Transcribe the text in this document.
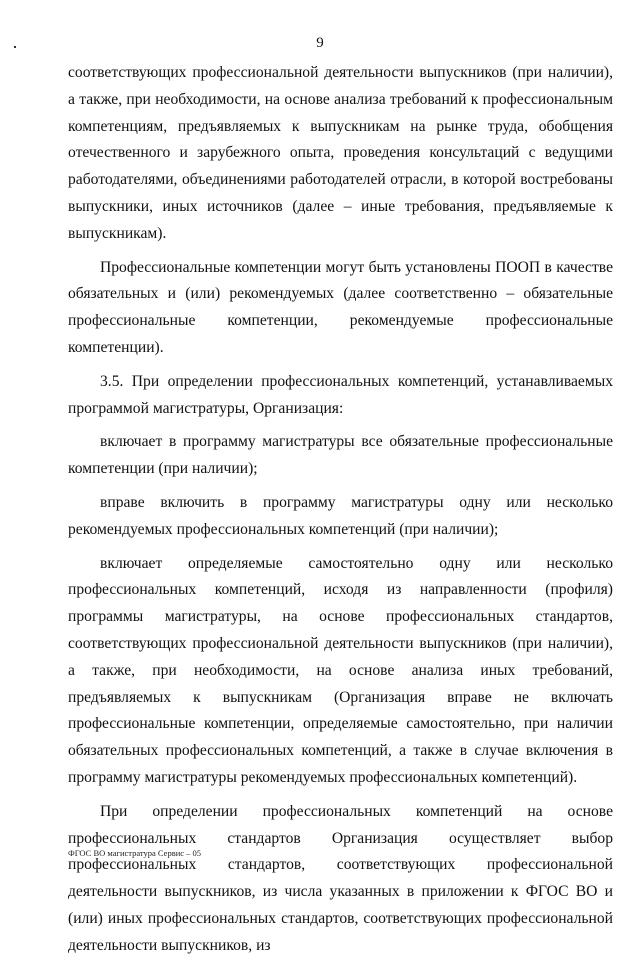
9

соответствующих профессиональной деятельности выпускников (при наличии), а также, при необходимости, на основе анализа требований к профессиональным компетенциям, предъявляемых к выпускникам на рынке труда, обобщения отечественного и зарубежного опыта, проведения консультаций с ведущими работодателями, объединениями работодателей отрасли, в которой востребованы выпускники, иных источников (далее – иные требования, предъявляемые к выпускникам).

Профессиональные компетенции могут быть установлены ПООП в качестве обязательных и (или) рекомендуемых (далее соответственно – обязательные профессиональные компетенции, рекомендуемые профессиональные компетенции).

3.5. При определении профессиональных компетенций, устанавливаемых программой магистратуры, Организация:

включает в программу магистратуры все обязательные профессиональные компетенции (при наличии);

вправе включить в программу магистратуры одну или несколько рекомендуемых профессиональных компетенций (при наличии);

включает определяемые самостоятельно одну или несколько профессиональных компетенций, исходя из направленности (профиля) программы магистратуры, на основе профессиональных стандартов, соответствующих профессиональной деятельности выпускников (при наличии), а также, при необходимости, на основе анализа иных требований, предъявляемых к выпускникам (Организация вправе не включать профессиональные компетенции, определяемые самостоятельно, при наличии обязательных профессиональных компетенций, а также в случае включения в программу магистратуры рекомендуемых профессиональных компетенций).

При определении профессиональных компетенций на основе профессиональных стандартов Организация осуществляет выбор профессиональных стандартов, соответствующих профессиональной деятельности выпускников, из числа указанных в приложении к ФГОС ВО и (или) иных профессиональных стандартов, соответствующих профессиональной деятельности выпускников, из

ФГОС ВО магистратура Сервис – 05
